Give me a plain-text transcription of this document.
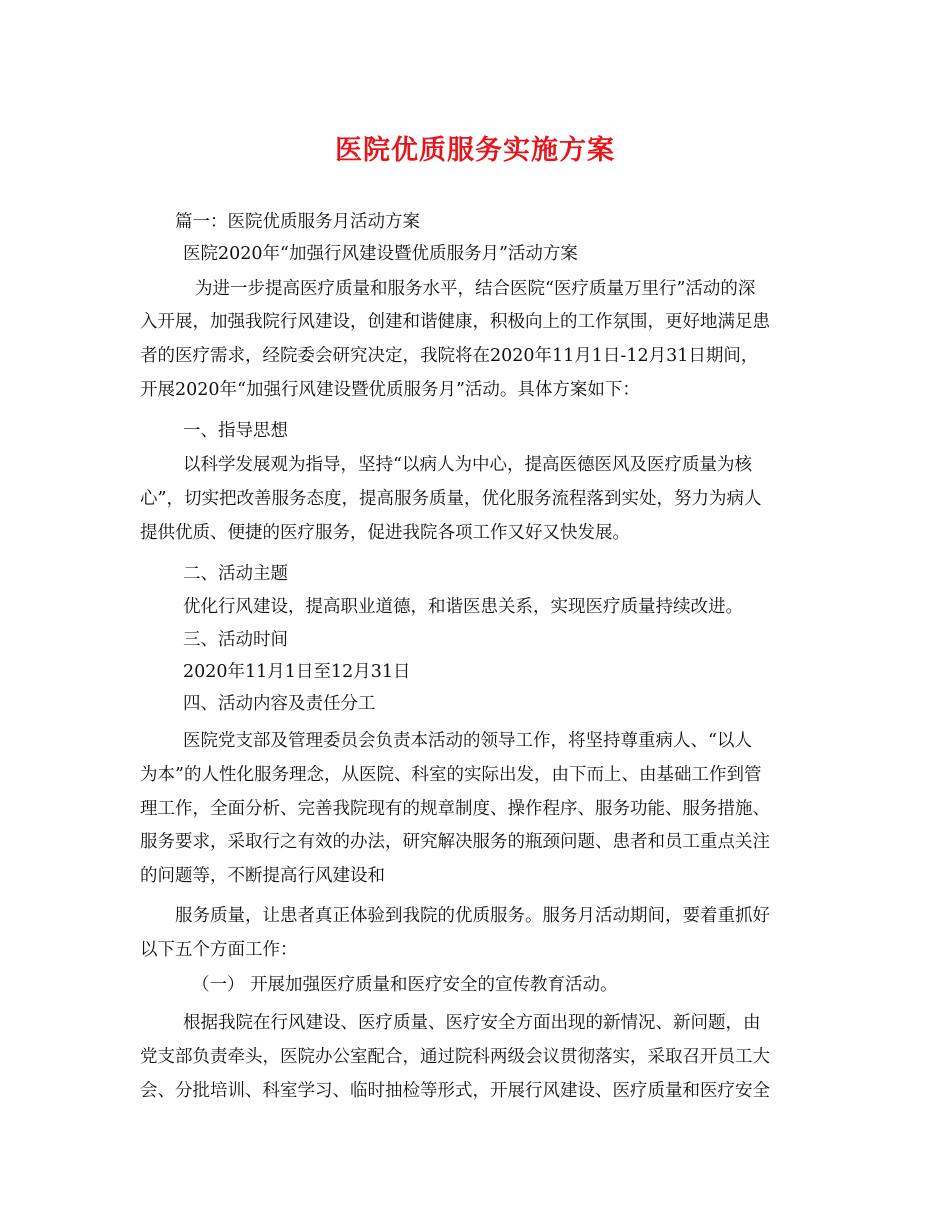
医院优质服务实施方案
篇一：医院优质服务月活动方案
医院2020年“加强行风建设暨优质服务月”活动方案
为进一步提高医疗质量和服务水平，结合医院“医疗质量万里行”活动的深
入开展，加强我院行风建设，创建和谐健康，积极向上的工作氛围，更好地满足患
者的医疗需求，经院委会研究决定，我院将在2020年11月1日-12月31日期间，
开展2020年“加强行风建设暨优质服务月”活动。具体方案如下：
一、指导思想
以科学发展观为指导，坚持“以病人为中心，提高医德医风及医疗质量为核
心”，切实把改善服务态度，提高服务质量，优化服务流程落到实处，努力为病人
提供优质、便捷的医疗服务，促进我院各项工作又好又快发展。
二、活动主题
优化行风建设，提高职业道德，和谐医患关系，实现医疗质量持续改进。
三、活动时间
2020年11月1日至12月31日
四、活动内容及责任分工
医院党支部及管理委员会负责本活动的领导工作，将坚持尊重病人、“以人
为本”的人性化服务理念，从医院、科室的实际出发，由下而上、由基础工作到管
理工作，全面分析、完善我院现有的规章制度、操作程序、服务功能、服务措施、
服务要求，采取行之有效的办法，研究解决服务的瓶颈问题、患者和员工重点关注
的问题等，不断提高行风建设和
服务质量，让患者真正体验到我院的优质服务。服务月活动期间，要着重抓好
以下五个方面工作：
（一） 开展加强医疗质量和医疗安全的宣传教育活动。
根据我院在行风建设、医疗质量、医疗安全方面出现的新情况、新问题，由
党支部负责牵头，医院办公室配合，通过院科两级会议贯彻落实，采取召开员工大
会、分批培训、科室学习、临时抽检等形式，开展行风建设、医疗质量和医疗安全
